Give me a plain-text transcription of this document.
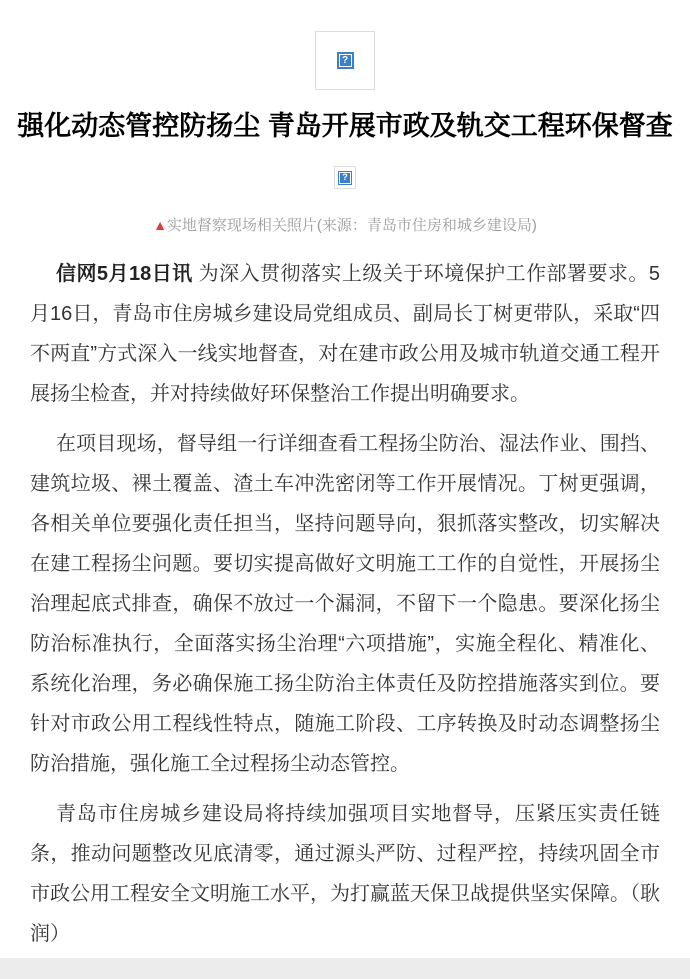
?
强化动态管控防扬尘 青岛开展市政及轨交工程环保督查
?
▲实地督察现场相关照片(来源：青岛市住房和城乡建设局)

信网5月18日讯 为深入贯彻落实上级关于环境保护工作部署要求。5月16日，青岛市住房城乡建设局党组成员、副局长丁树更带队，采取“四不两直”方式深入一线实地督查，对在建市政公用及城市轨道交通工程开展扬尘检查，并对持续做好环保整治工作提出明确要求。

在项目现场，督导组一行详细查看工程扬尘防治、湿法作业、围挡、建筑垃圾、裸土覆盖、渣土车冲洗密闭等工作开展情况。丁树更强调，各相关单位要强化责任担当，坚持问题导向，狠抓落实整改，切实解决在建工程扬尘问题。要切实提高做好文明施工工作的自觉性，开展扬尘治理起底式排查，确保不放过一个漏洞，不留下一个隐患。要深化扬尘防治标准执行，全面落实扬尘治理“六项措施”，实施全程化、精准化、系统化治理，务必确保施工扬尘防治主体责任及防控措施落实到位。要针对市政公用工程线性特点，随施工阶段、工序转换及时动态调整扬尘防治措施，强化施工全过程扬尘动态管控。

青岛市住房城乡建设局将持续加强项目实地督导，压紧压实责任链条，推动问题整改见底清零，通过源头严防、过程严控，持续巩固全市市政公用工程安全文明施工水平，为打赢蓝天保卫战提供坚实保障。（耿润）
